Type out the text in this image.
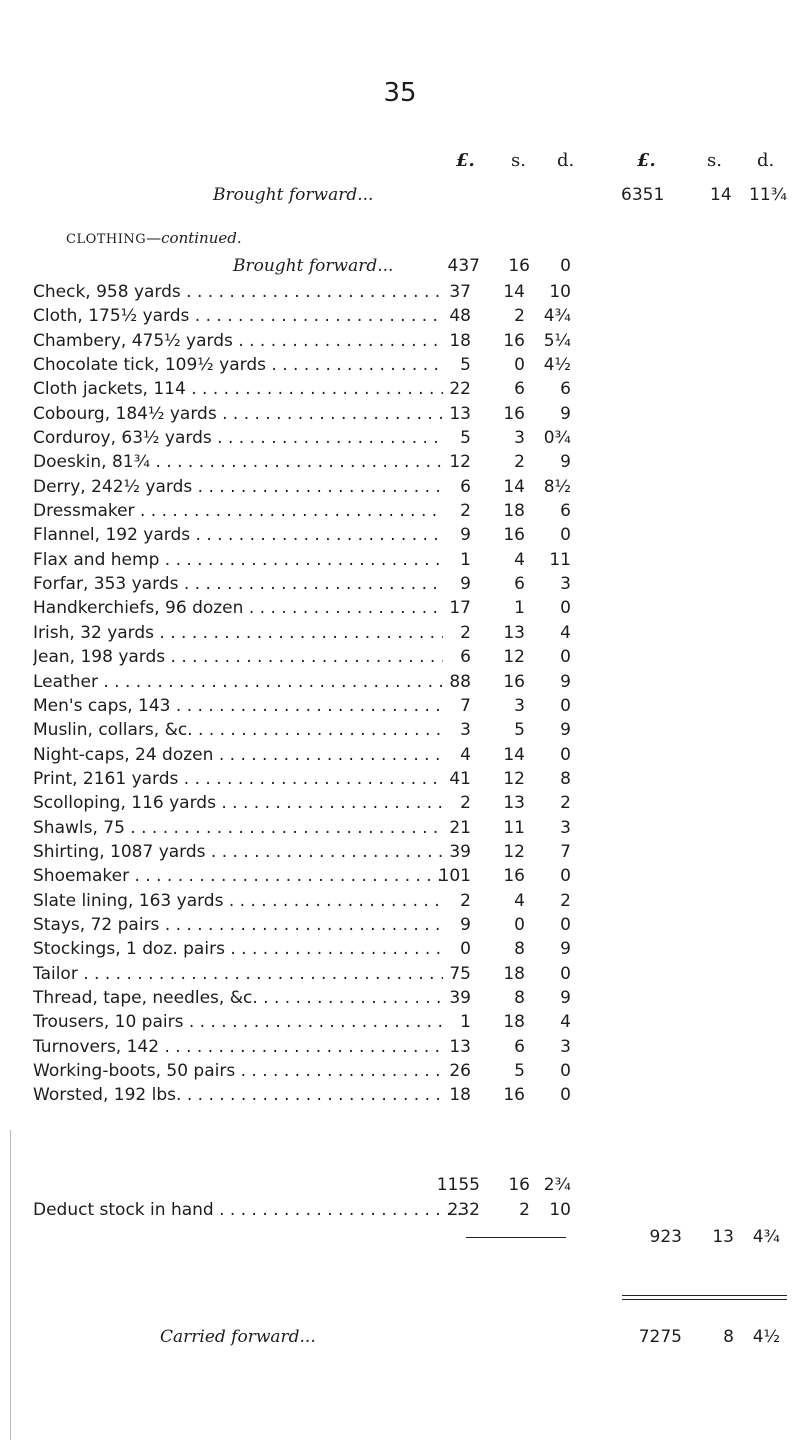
35
£. s. d.	£.	s. d.
Brought forward...	6351	14 11¾
CLOTHING—continued.
Brought forward...	437	16	0
Check, 958 yards . . .	37	14	10
Cloth, 175½ yards . . .	48	2	4¾
Chambery, 475½ yards . . .	18	16	5¼
Chocolate tick, 109½ yards . . .	5	0	4½
Cloth jackets, 114 . . .	22	6	6
Cobourg, 184½ yards . . .	13	16	9
Corduroy, 63½ yards . . .	5	3	0¾
Doeskin, 81¾ . . .	12	2	9
Derry, 242½ yards . . .	6	14	8½
Dressmaker . . .	2	18	6
Flannel, 192 yards . . .	9	16	0
Flax and hemp . . .	1	4	11
Forfar, 353 yards . . .	9	6	3
Handkerchiefs, 96 dozen . . .	17	1	0
Irish, 32 yards . . .	2	13	4
Jean, 198 yards . . .	6	12	0
Leather . . .	88	16	9
Men's caps, 143 . . .	7	3	0
Muslin, collars, &c. . . .	3	5	9
Night-caps, 24 dozen . . .	4	14	0
Print, 2161 yards . . .	41	12	8
Scolloping, 116 yards . . .	2	13	2
Shawls, 75 . . .	21	11	3
Shirting, 1087 yards . . .	39	12	7
Shoemaker . . .	101	16	0
Slate lining, 163 yards . . .	2	4	2
Stays, 72 pairs . . .	9	0	0
Stockings, 1 doz. pairs . . .	0	8	9
Tailor . . .	75	18	0
Thread, tape, needles, &c. . . .	39	8	9
Trousers, 10 pairs . . .	1	18	4
Turnovers, 142 . . .	13	6	3
Working-boots, 50 pairs . . .	26	5	0
Worsted, 192 lbs. . . .	18	16	0
1155	16 2¾
Deduct stock in hand . . .	232	2	10
923	13	4¾
Carried forward...	7275	8	4½
